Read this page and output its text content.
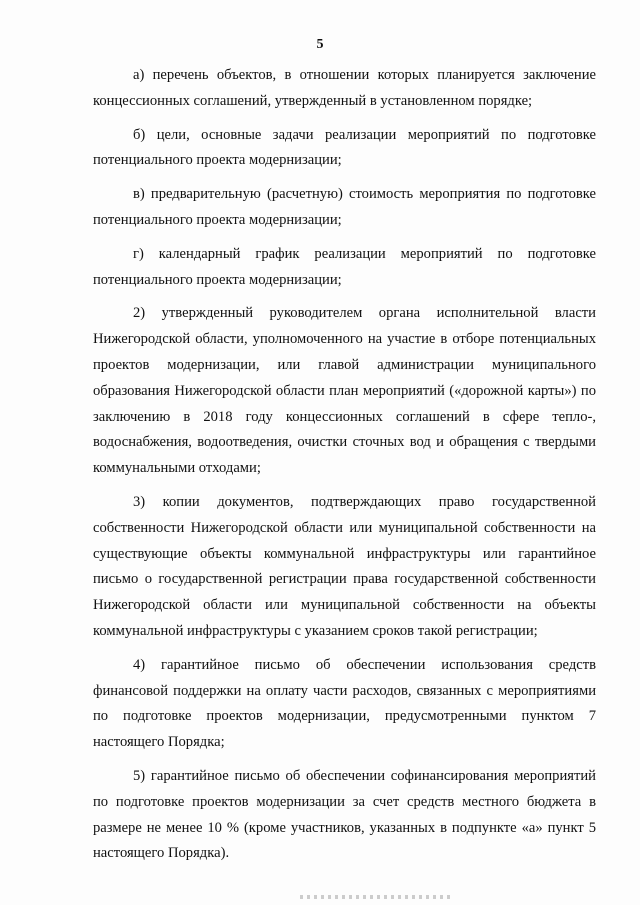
5

а) перечень объектов, в отношении которых планируется заключение концессионных соглашений, утвержденный в установленном порядке;

б) цели, основные задачи реализации мероприятий по подготовке потенциального проекта модернизации;

в) предварительную (расчетную) стоимость мероприятия по подготовке потенциального проекта модернизации;

г) календарный график реализации мероприятий по подготовке потенциального проекта модернизации;

2) утвержденный руководителем органа исполнительной власти Нижегородской области, уполномоченного на участие в отборе потенциальных проектов модернизации, или главой администрации муниципального образования Нижегородской области план мероприятий («дорожной карты») по заключению в 2018 году концессионных соглашений в сфере тепло-, водоснабжения, водоотведения, очистки сточных вод и обращения с твердыми коммунальными отходами;

3) копии документов, подтверждающих право государственной собственности Нижегородской области или муниципальной собственности на существующие объекты коммунальной инфраструктуры или гарантийное письмо о государственной регистрации права государственной собственности Нижегородской области или муниципальной собственности на объекты коммунальной инфраструктуры с указанием сроков такой регистрации;

4) гарантийное письмо об обеспечении использования средств финансовой поддержки на оплату части расходов, связанных с мероприятиями по подготовке проектов модернизации, предусмотренными пунктом 7 настоящего Порядка;

5) гарантийное письмо об обеспечении софинансирования мероприятий по подготовке проектов модернизации за счет средств местного бюджета в размере не менее 10 % (кроме участников, указанных в подпункте «а» пункт 5 настоящего Порядка).
